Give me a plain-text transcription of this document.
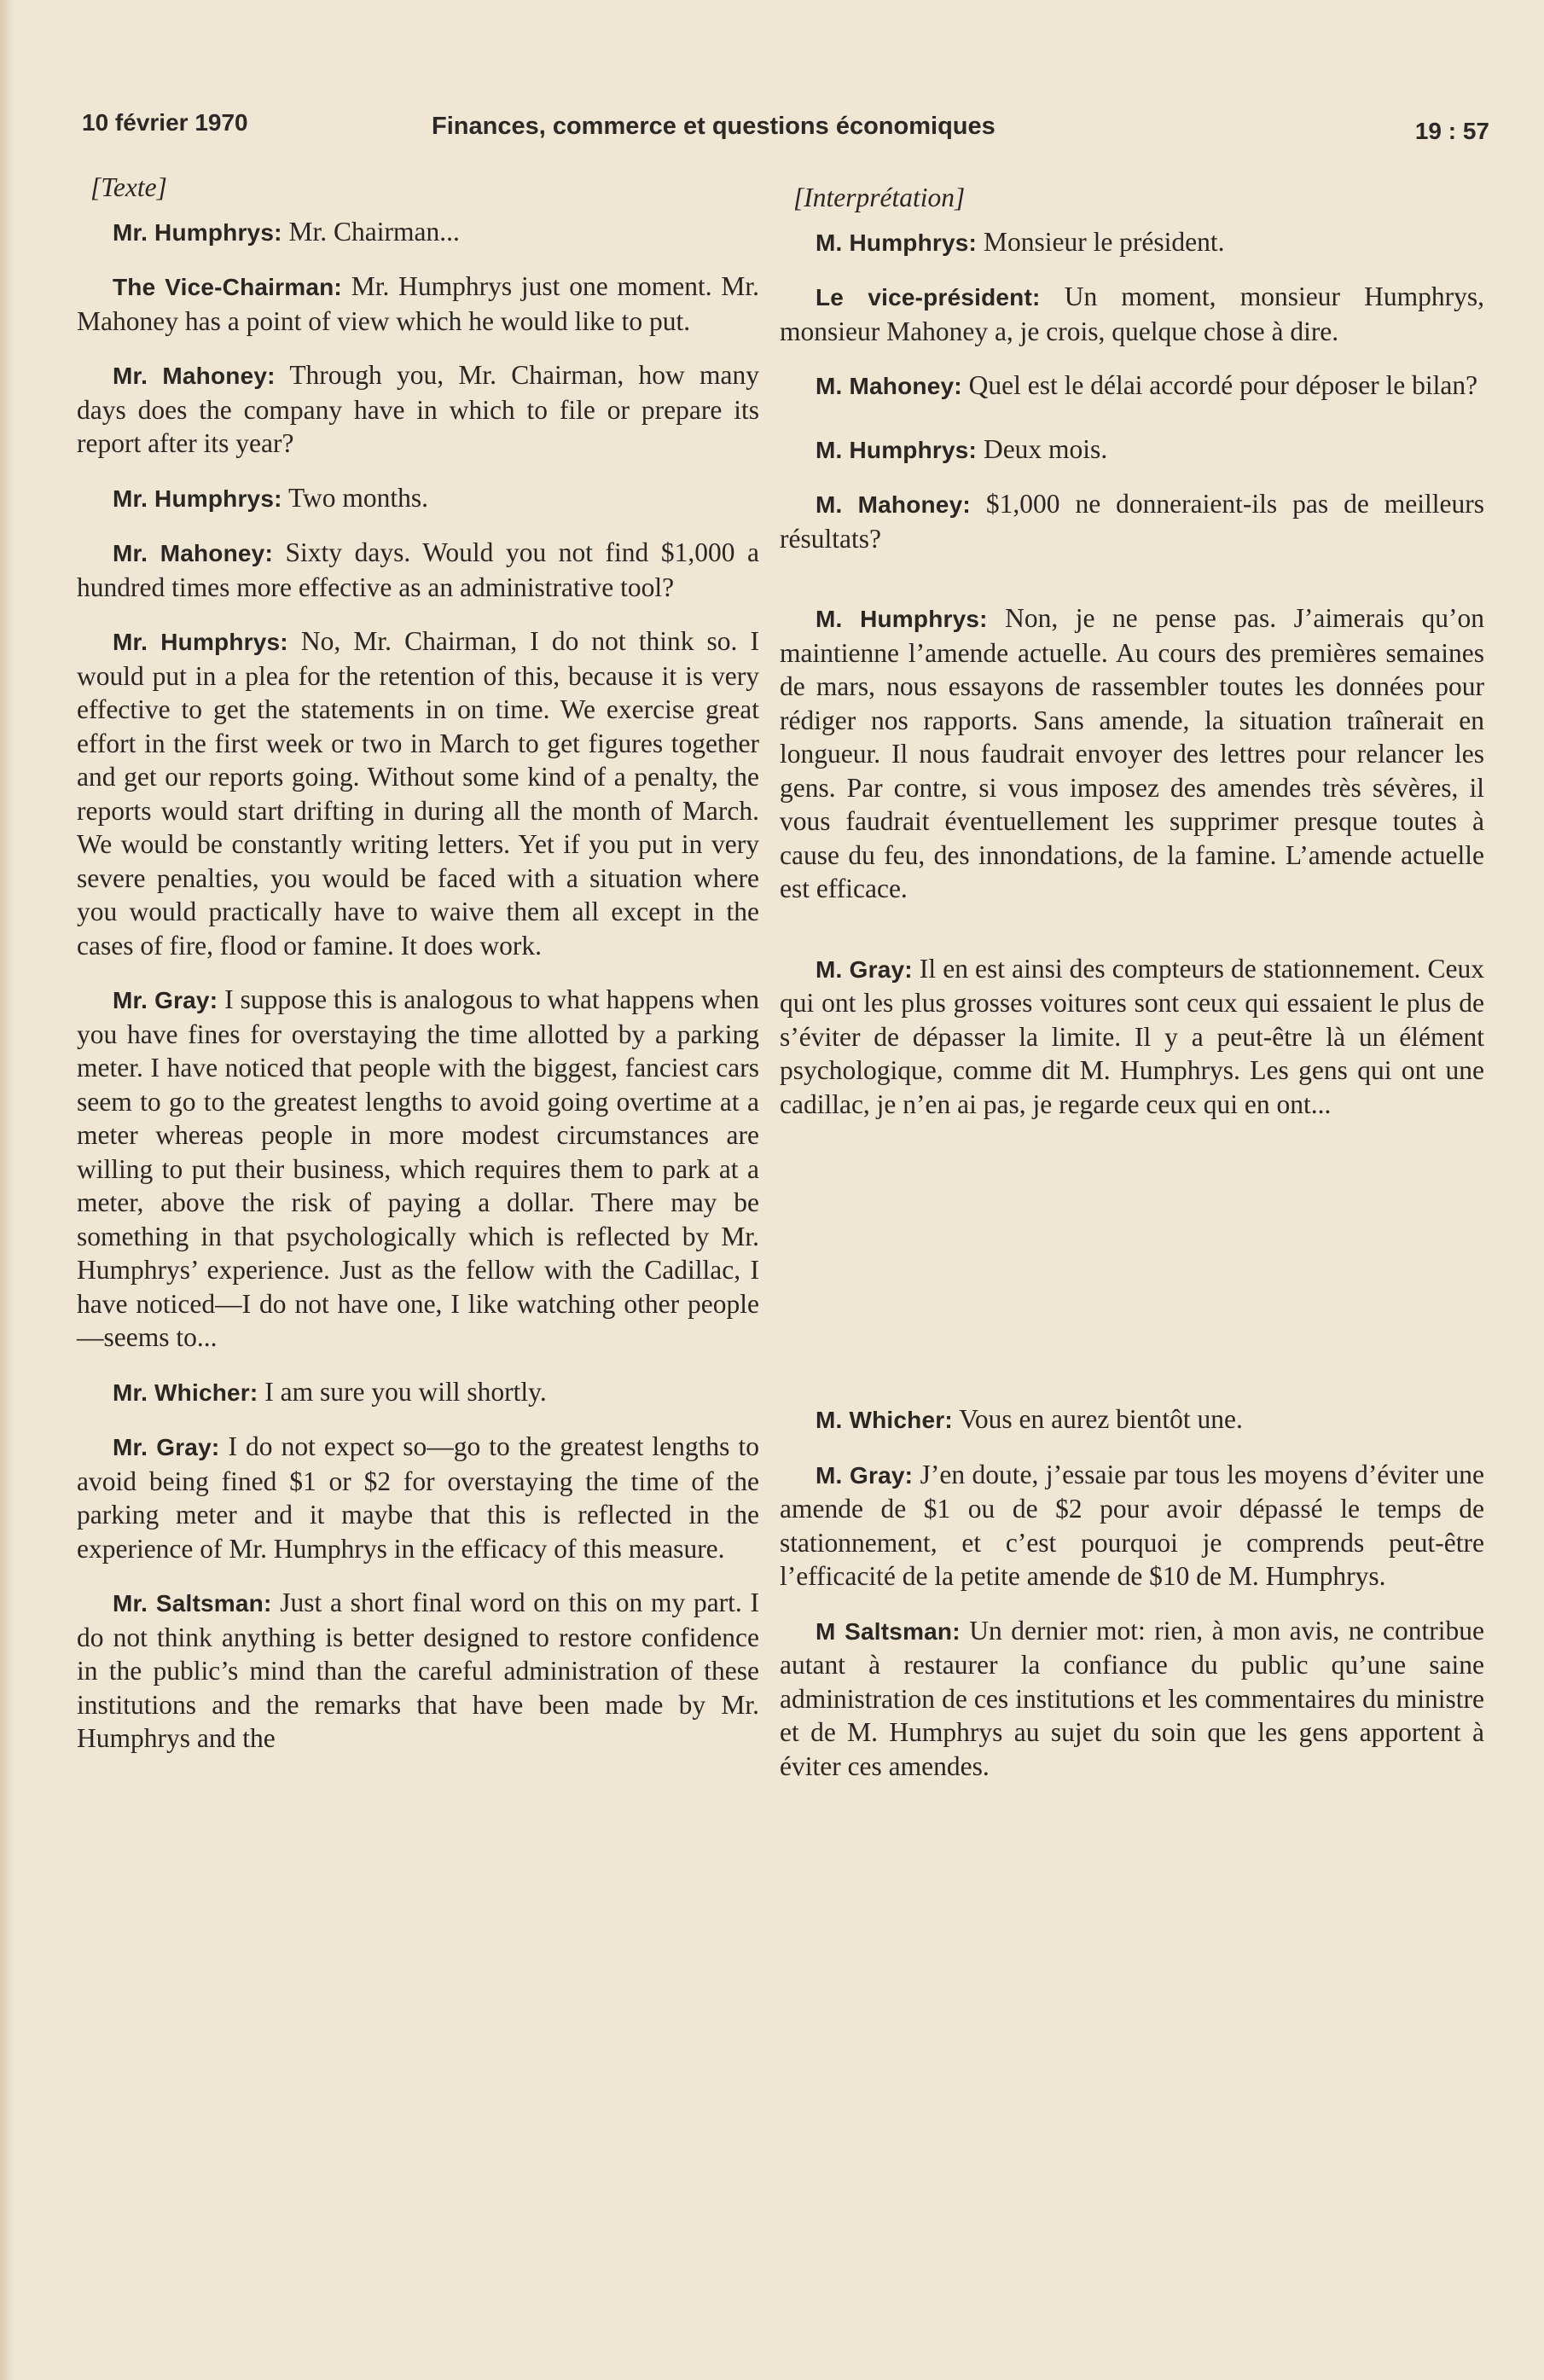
10 février 1970	Finances, commerce et questions économiques	19 : 57
[Texte]

Mr. Humphrys: Mr. Chairman...

The Vice-Chairman: Mr. Humphrys just one moment. Mr. Mahoney has a point of view which he would like to put.

Mr. Mahoney: Through you, Mr. Chairman, how many days does the company have in which to file or prepare its report after its year?

Mr. Humphrys: Two months.

Mr. Mahoney: Sixty days. Would you not find $1,000 a hundred times more effective as an administrative tool?

Mr. Humphrys: No, Mr. Chairman, I do not think so. I would put in a plea for the retention of this, because it is very effective to get the statements in on time. We exercise great effort in the first week or two in March to get figures together and get our reports going. Without some kind of a penalty, the reports would start drifting in during all the month of March. We would be constantly writing letters. Yet if you put in very severe penalties, you would be faced with a situation where you would practically have to waive them all except in the cases of fire, flood or famine. It does work.

Mr. Gray: I suppose this is analogous to what happens when you have fines for overstaying the time allotted by a parking meter. I have noticed that people with the biggest, fanciest cars seem to go to the greatest lengths to avoid going overtime at a meter whereas people in more modest circumstances are willing to put their business, which requires them to park at a meter, above the risk of paying a dollar. There may be something in that psychologically which is reflected by Mr. Humphrys’ experience. Just as the fellow with the Cadillac, I have noticed—I do not have one, I like watching other people—seems to...

Mr. Whicher: I am sure you will shortly.

Mr. Gray: I do not expect so—go to the greatest lengths to avoid being fined $1 or $2 for overstaying the time of the parking meter and it maybe that this is reflected in the experience of Mr. Humphrys in the efficacy of this measure.

Mr. Saltsman: Just a short final word on this on my part. I do not think anything is better designed to restore confidence in the public’s mind than the careful administration of these institutions and the remarks that have been made by Mr. Humphrys and the

[Interprétation]

M. Humphrys: Monsieur le président.

Le vice-président: Un moment, monsieur Humphrys, monsieur Mahoney a, je crois, quelque chose à dire.

M. Mahoney: Quel est le délai accordé pour déposer le bilan?

M. Humphrys: Deux mois.

M. Mahoney: $1,000 ne donneraient-ils pas de meilleurs résultats?

M. Humphrys: Non, je ne pense pas. J’aimerais qu’on maintienne l’amende actuelle. Au cours des premières semaines de mars, nous essayons de rassembler toutes les données pour rédiger nos rapports. Sans amende, la situation traînerait en longueur. Il nous faudrait envoyer des lettres pour relancer les gens. Par contre, si vous imposez des amendes très sévères, il vous faudrait éventuellement les supprimer presque toutes à cause du feu, des innondations, de la famine. L’amende actuelle est efficace.

M. Gray: Il en est ainsi des compteurs de stationnement. Ceux qui ont les plus grosses voitures sont ceux qui essaient le plus de s’éviter de dépasser la limite. Il y a peut-être là un élément psychologique, comme dit M. Humphrys. Les gens qui ont une cadillac, je n’en ai pas, je regarde ceux qui en ont...

M. Whicher: Vous en aurez bientôt une.

M. Gray: J’en doute, j’essaie par tous les moyens d’éviter une amende de $1 ou de $2 pour avoir dépassé le temps de stationnement, et c’est pourquoi je comprends peut-être l’efficacité de la petite amende de $10 de M. Humphrys.

M Saltsman: Un dernier mot: rien, à mon avis, ne contribue autant à restaurer la confiance du public qu’une saine administration de ces institutions et les commentaires du ministre et de M. Humphrys au sujet du soin que les gens apportent à éviter ces amendes.
